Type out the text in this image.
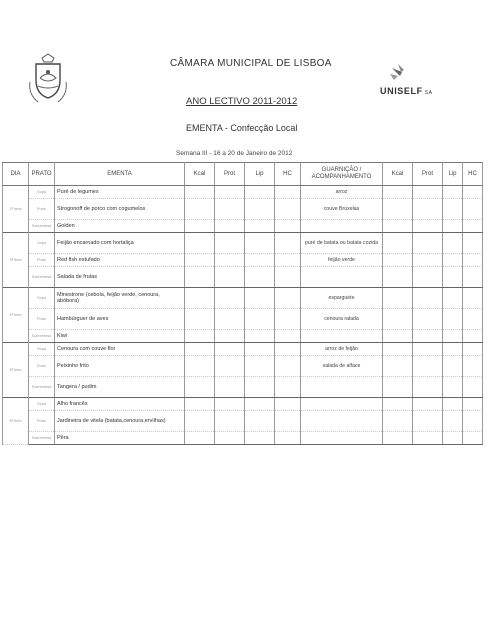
CÂMARA MUNICIPAL DE LISBOA
UNISELF SA
ANO LECTIVO 2011-2012
EMENTA - Confecção Local
Semana III - 16 a 20 de Janeiro de 2012
DIA	PRATO	EMENTA	Kcal	Prot	Lip	HC	GUARNIÇÃO / ACOMPANHAMENTO	Kcal	Prot	Lip	HC
2ª feira	Sopa	Puré de legumes					arroz				
	Prato	Strogonoff de porco com cogumelos					couve Bruxelas				
	Sobremesa	Golden									
3ª feira	Sopa	Feijão encarnado com hortaliça					puré de batata ou batata cozida				
	Prato	Red fish estufado					feijão verde				
	Sobremesa	Salada de frutas									
4ª feira	Sopa	Minestrone (cebola, feijão verde, cenoura, abóbora)					esparguete				
	Prato	Hambúrguer de aves					cenoura ralada				
	Sobremesa	Kiwi									
5ª feira	Sopa	Cenoura com couve flor					arroz de feijão				
	Prato	Peixinho frito					salada de alface				
	Sobremesa	Tangera / pudim									
6ª feira	Sopa	Alho francês									
	Prato	Jardineira de vitela (batata,cenoura,ervilhas)									
	Sobremesa	Pêra									
